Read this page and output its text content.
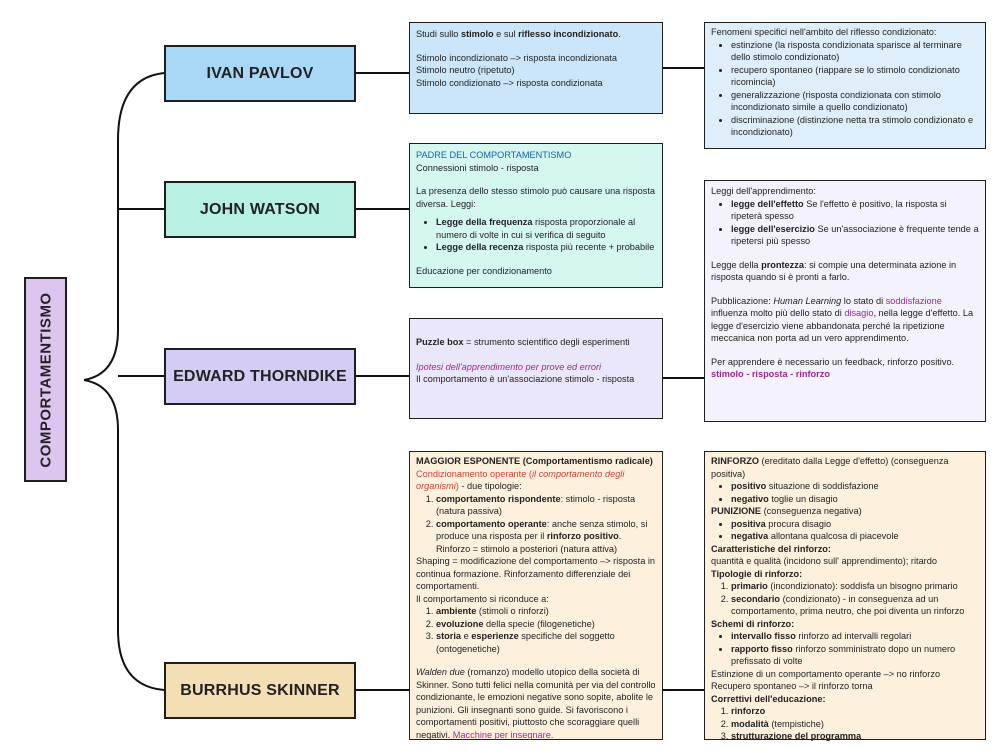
COMPORTAMENTISMO
IVAN PAVLOV
JOHN WATSON
EDWARD THORNDIKE
BURRHUS SKINNER

Studi sullo stimolo e sul riflesso incondizionato.

Stimolo incondizionato –> risposta incondizionata

Stimolo neutro (ripetuto)

Stimolo condizionato –> risposta condizionata

Fenomeni specifici nell'ambito del riflesso condizionato:

• estinzione (la risposta condizionata sparisce al terminare dello stimolo condizionato)
• recupero spontaneo (riappare se lo stimolo condizionato ricomincia)
• generalizzazione (risposta condizionata con stimolo incondizionato simile a quello condizionato)
• discriminazione (distinzione netta tra stimolo condizionato e incondizionato)

PADRE DEL COMPORTAMENTISMO

Connessioni stimolo - risposta

La presenza dello stesso stimolo può causare una risposta diversa. Leggi:

• Legge della frequenza risposta proporzionale al numero di volte in cui si verifica di seguito
• Legge della recenza risposta più recente + probabile

Educazione per condizionamento

Puzzle box = strumento scientifico degli esperimenti

Ipotesi dell'apprendimento per prove ed errori

Il comportamento è un'associazione stimolo - risposta

Leggi dell'apprendimento:

• legge dell'effetto Se l'effetto è positivo, la risposta si ripeterà spesso
• legge dell'esercizio Se un'associazione è frequente tende a ripetersi più spesso

Legge della prontezza: si compie una determinata azione in risposta quando si è pronti a farlo.

Pubblicazione: Human Learning lo stato di soddisfazione influenza molto più dello stato di disagio, nella legge d'effetto. La legge d'esercizio viene abbandonata perché la ripetizione meccanica non porta ad un vero apprendimento.

Per apprendere è necessario un feedback, rinforzo positivo.

stimolo - risposta - rinforzo

MAGGIOR ESPONENTE (Comportamentismo radicale)

Condizionamento operante (il comportamento degli organismi) - due tipologie:

1. comportamento rispondente: stimolo - risposta (natura passiva)
2. comportamento operante: anche senza stimolo, si produce una risposta per il rinforzo positivo. Rinforzo = stimolo a posteriori (natura attiva)

Shaping = modificazione del comportamento –> risposta in continua formazione. Rinforzamento differenziale dei comportamenti.

Il comportamento si riconduce a:

1. ambiente (stimoli o rinforzi)
2. evoluzione della specie (filogenetiche)
3. storia e esperienze specifiche del soggetto (ontogenetiche)

Walden due (romanzo) modello utopico della società di Skinner. Sono tutti felici nella comunità per via del controllo condizionante, le emozioni negative sono sopite, abolite le punizioni. Gli insegnanti sono guide. Si favoriscono i comportamenti positivi, piuttosto che scoraggiare quelli negativi. Macchine per insegnare.

RINFORZO (ereditato dalla Legge d'effetto) (conseguenza positiva)

• positivo situazione di soddisfazione
• negativo toglie un disagio

PUNIZIONE (conseguenza negativa)

• positiva procura disagio
• negativa allontana qualcosa di piacevole

Caratteristiche del rinforzo:

quantità e qualità (incidono sull' apprendimento); ritardo

Tipologie di rinforzo:

1. primario (incondizionato): soddisfa un bisogno primario
2. secondario (condizionato) - in conseguenza ad un comportamento, prima neutro, che poi diventa un rinforzo

Schemi di rinforzo:

• intervallo fisso rinforzo ad intervalli regolari
• rapporto fisso rinforzo somministrato dopo un numero prefissato di volte

Estinzione di un comportamento operante –> no rinforzo

Recupero spontaneo –> il rinforzo torna

Correttivi dell'educazione:

1. rinforzo
2. modalità (tempistiche)
3. strutturazione del programma
